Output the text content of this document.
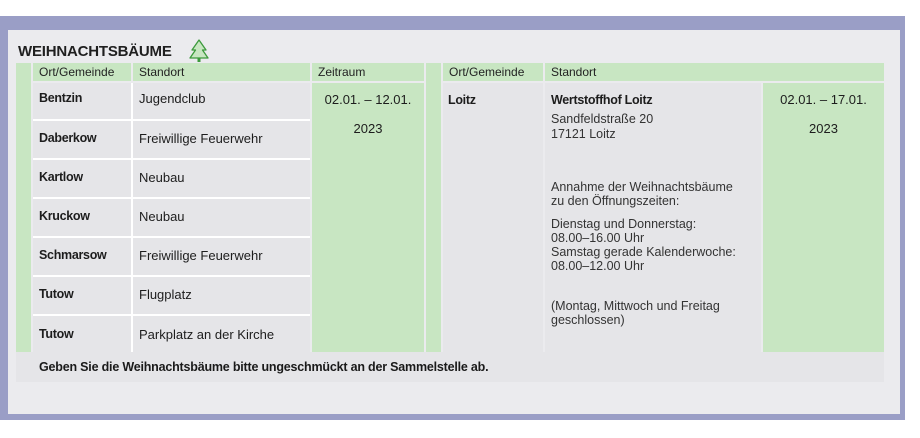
WEIHNACHTSBÄUME
Ort/Gemeinde	Standort	Zeitraum	Ort/Gemeinde	Standort
Bentzin	Jugendclub
Daberkow	Freiwillige Feuerwehr
Kartlow	Neubau
Kruckow	Neubau
Schmarsow	Freiwillige Feuerwehr
Tutow	Flugplatz
Tutow	Parkplatz an der Kirche
02.01. – 12.01.
2023
Loitz	Wertstoffhof Loitz
Sandfeldstraße 20
17121 Loitz
Annahme der Weihnachtsbäume
zu den Öffnungszeiten:
Dienstag und Donnerstag:
08.00–16.00 Uhr
Samstag gerade Kalenderwoche:
08.00–12.00 Uhr
(Montag, Mittwoch und Freitag
geschlossen)
02.01. – 17.01.
2023
Geben Sie die Weihnachtsbäume bitte ungeschmückt an der Sammelstelle ab.
